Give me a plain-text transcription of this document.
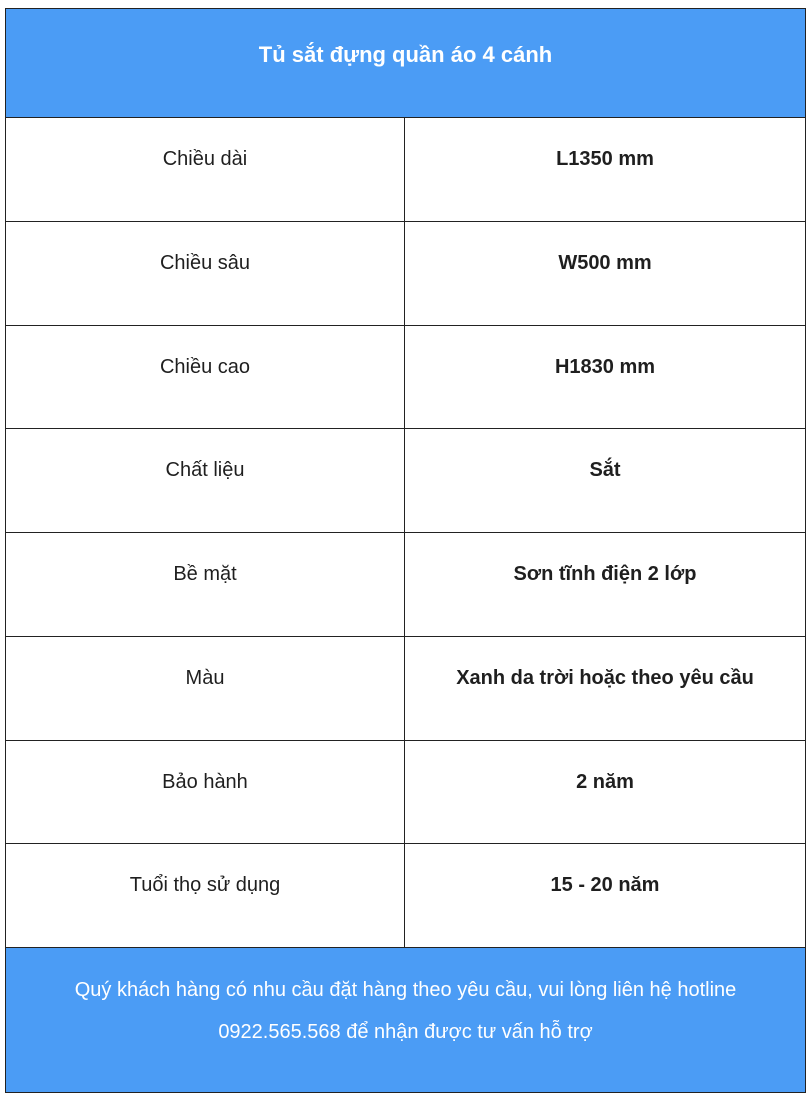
Tủ sắt đựng quần áo 4 cánh
Chiều dài	L1350 mm
Chiều sâu	W500 mm
Chiều cao	H1830 mm
Chất liệu	Sắt
Bề mặt	Sơn tĩnh điện 2 lớp
Màu	Xanh da trời hoặc theo yêu cầu
Bảo hành	2 năm
Tuổi thọ sử dụng	15 - 20 năm
Quý khách hàng có nhu cầu đặt hàng theo yêu cầu, vui lòng liên hệ hotline
0922.565.568 để nhận được tư vấn hỗ trợ
